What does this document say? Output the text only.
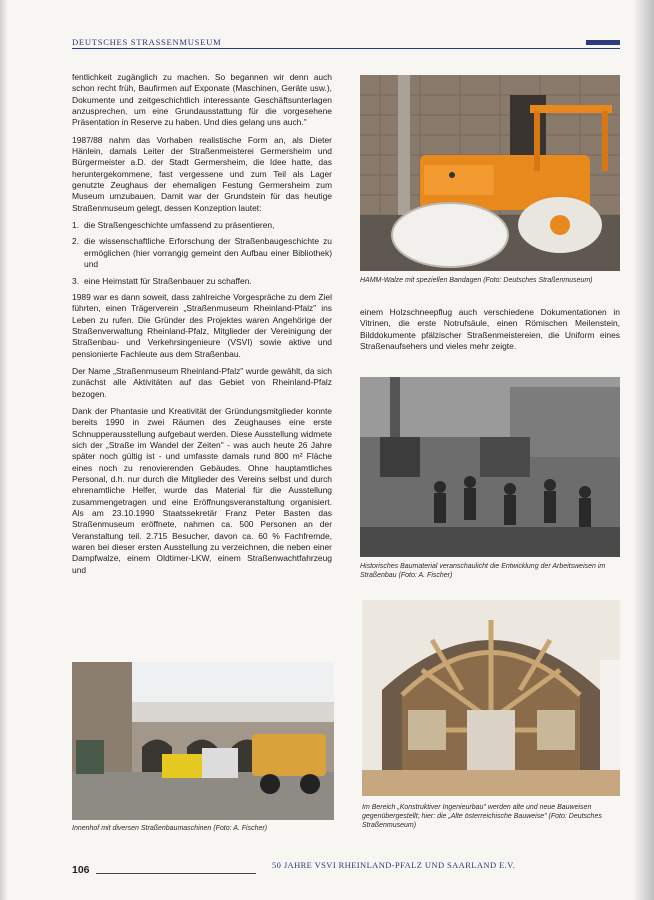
DEUTSCHES STRASSENMUSEUM

fentlichkeit zugänglich zu machen. So begannen wir denn auch schon recht früh, Baufirmen auf Exponate (Maschinen, Geräte usw.), Dokumente und zeitgeschichtlich interessante Geschäftsunterlagen anzusprechen, um eine Grundausstattung für die vorgesehene Präsentation in Reserve zu haben. Und dies gelang uns auch."

1987/88 nahm das Vorhaben realistische Form an, als Dieter Hänlein, damals Leiter der Straßenmeisterei Germersheim und Bürgermeister a.D. der Stadt Germersheim, die Idee hatte, das heruntergekommene, fast vergessene und zum Teil als Lager genutzte Zeughaus der ehemaligen Festung Germersheim zum Museum umzubauen. Damit war der Grundstein für das heutige Straßenmuseum gelegt, dessen Konzeption lautet:

1. die Straßengeschichte umfassend zu präsentieren,
2. die wissenschaftliche Erforschung der Straßenbaugeschichte zu ermöglichen (hier vorrangig gemeint den Aufbau einer Bibliothek) und
3. eine Heimstatt für Straßenbauer zu schaffen.

1989 war es dann soweit, dass zahlreiche Vorgespräche zu dem Ziel führten, einen Trägerverein „Straßenmuseum Rheinland-Pfalz" ins Leben zu rufen. Die Gründer des Projektes waren Angehörige der Straßenverwaltung Rheinland-Pfalz, Mitglieder der Vereinigung der Straßenbau- und Verkehrsingenieure (VSVI) sowie aktive und pensionierte Fachleute aus dem Straßenbau.

Der Name „Straßenmuseum Rheinland-Pfalz" wurde gewählt, da sich zunächst alle Aktivitäten auf das Gebiet von Rheinland-Pfalz bezogen.

Dank der Phantasie und Kreativität der Gründungsmitglieder konnte bereits 1990 in zwei Räumen des Zeughauses eine erste Schnupperausstellung aufgebaut werden. Diese Ausstellung widmete sich der „Straße im Wandel der Zeiten" - was auch heute 26 Jahre später noch gültig ist - und umfasste damals rund 800 m² Fläche eines noch zu renovierenden Gebäudes. Ohne hauptamtliches Personal, d.h. nur durch die Mitglieder des Vereins selbst und durch ehrenamtliche Helfer, wurde das Material für die Ausstellung zusammengetragen und eine Eröffnungsveranstaltung organisiert. Als am 23.10.1990 Staatssekretär Franz Peter Basten das Straßenmuseum eröffnete, nahmen ca. 500 Personen an der Veranstaltung teil. 2.715 Besucher, davon ca. 60 % Fachfremde, waren bei dieser ersten Ausstellung zu verzeichnen, die neben einer Dampfwalze, einem Oldtimer-LKW, einem Straßenwachtfahrzeug und

HAMM-Walze mit speziellen Bandagen (Foto: Deutsches Straßenmuseum)

einem Holzschneepflug auch verschiedene Dokumentationen in Vitrinen, die erste Notrufsäule, einen Römischen Meilenstein, Bilddokumente pfälzischer Straßenmeistereien, die Uniform eines Straßenaufsehers und vieles mehr zeigte.

Historisches Baumaterial veranschaulicht die Entwicklung der Arbeitsweisen im Straßenbau (Foto: A. Fischer)
Im Bereich „Konstruktiver Ingenieurbau" werden alte und neue Bauweisen gegenübergestellt; hier: die „Alte österreichische Bauweise" (Foto: Deutsches Straßenmuseum)
Innenhof mit diversen Straßenbaumaschinen (Foto: A. Fischer)
106	50 JAHRE VSVI RHEINLAND-PFALZ UND SAARLAND E.V.
